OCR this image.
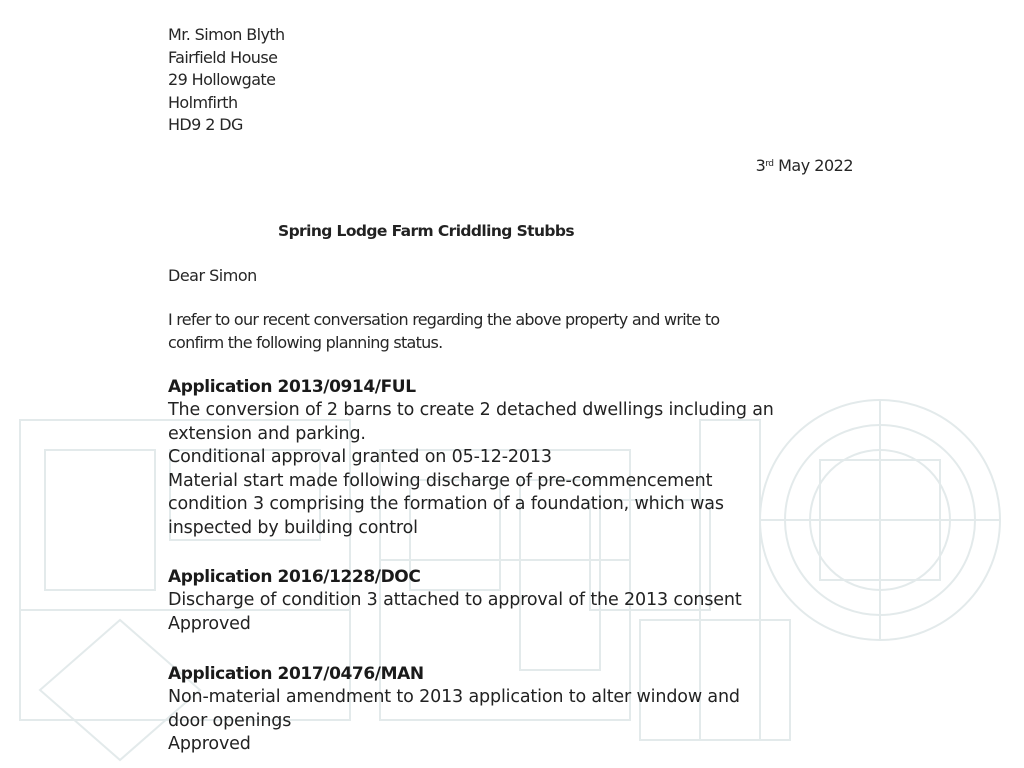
Mr. Simon Blyth
Fairfield House
29 Hollowgate
Holmfirth
HD9 2 DG
3rd May 2022
Spring Lodge Farm Criddling Stubbs
Dear Simon
I refer to our recent conversation regarding the above property and write to
confirm the following planning status.
Application 2013/0914/FUL
The conversion of 2 barns to create 2 detached dwellings including an
extension and parking.
Conditional approval granted on 05-12-2013
Material start made following discharge of pre-commencement
condition 3 comprising the formation of a foundation, which was
inspected by building control
Application 2016/1228/DOC
Discharge of condition 3 attached to approval of the 2013 consent
Approved
Application 2017/0476/MAN
Non-material amendment to 2013 application to alter window and
door openings
Approved
